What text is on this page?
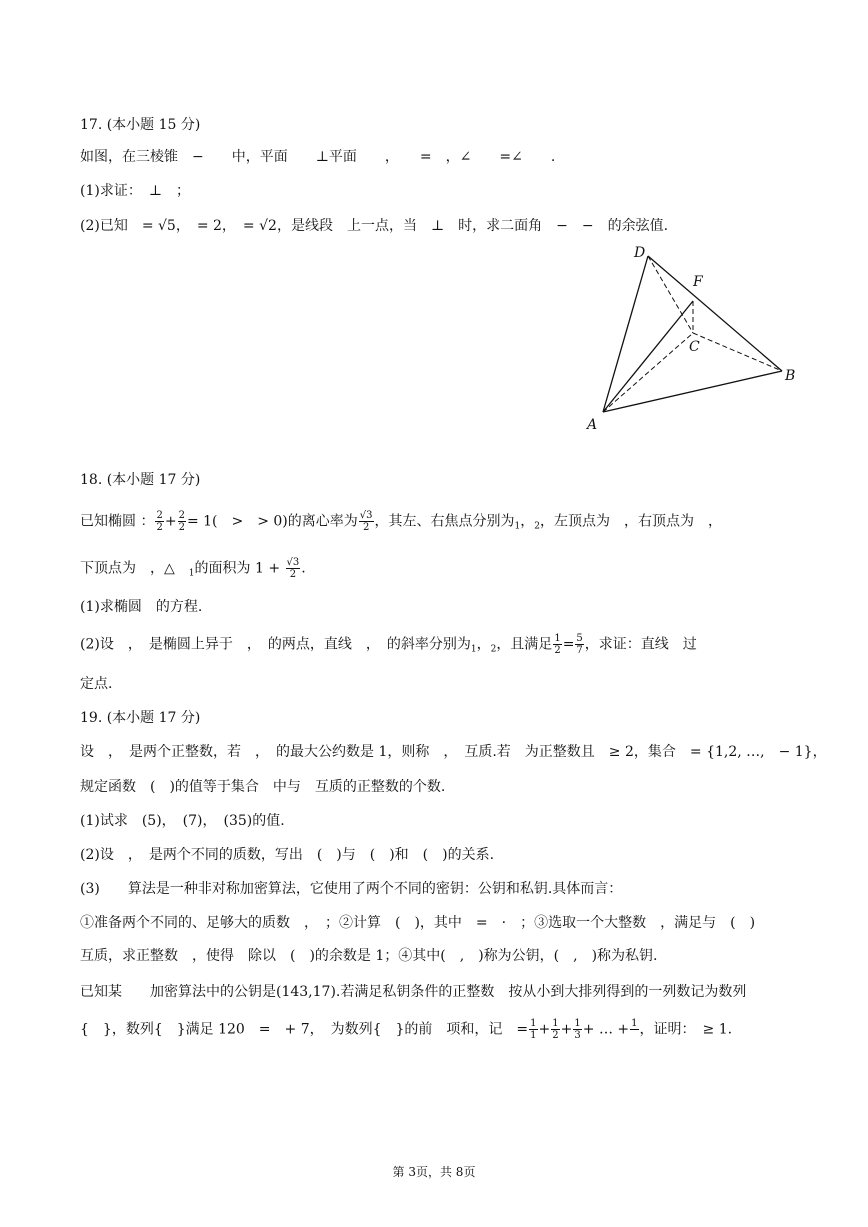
17. (本小题 15 分)
如图，在三棱锥　−　　中，平面　　⊥平面　　，　　=　，∠　　=∠　　.
(1)求证：　⊥　；
(2)已知　= √5，　= 2，　= √2，是线段　上一点，当　⊥　时，求二面角　−　−　的余弦值.
D
F
C
B
A
18. (本小题 17 分)
已知椭圆 ： $\frac{2}{2} + \frac{2}{2} = 1$(　>　> 0)的离心率为 $\frac{√3}{2}$ ，其左、右焦点分别为$_1$，$_2$，左顶点为　，右顶点为　，
下顶点为　，△　$_1$的面积为 $1 + \frac{√3}{2}$ .
(1)求椭圆　的方程.
(2)设　，　是椭圆上异于　，　的两点，直线　，　的斜率分别为$_1$，$_2$，且满足 $\frac{1}{2} = \frac{5}{7}$ ，求证：直线　过
定点.
19. (本小题 17 分)
设　，　是两个正整数，若　，　的最大公约数是 1，则称　，　互质.若　为正整数且　≥ 2，集合　= {1,2, …,　− 1}，
规定函数　(　)的值等于集合　中与　互质的正整数的个数.
(1)试求　(5)，　(7)，　(35)的值.
(2)设　，　是两个不同的质数，写出　(　)与　(　)和　(　)的关系.
(3)　　算法是一种非对称加密算法，它使用了两个不同的密钥：公钥和私钥.具体而言：
①准备两个不同的、足够大的质数　，　；②计算　(　)，其中　=　·　；③选取一个大整数　，满足与　(　)
互质，求正整数　，使得　除以　(　)的余数是 1；④其中(　,　)称为公钥，(　,　)称为私钥.
已知某　　加密算法中的公钥是(143,17).若满足私钥条件的正整数　按从小到大排列得到的一列数记为数列
{　}，数列{　}满足 120　=　+ 7，　为数列{　}的前　项和，记　= $\frac{1}{1} + \frac{1}{2} + \frac{1}{3}$ + … + 1 ，证明：　≥ 1.
第 3页，共 8页
